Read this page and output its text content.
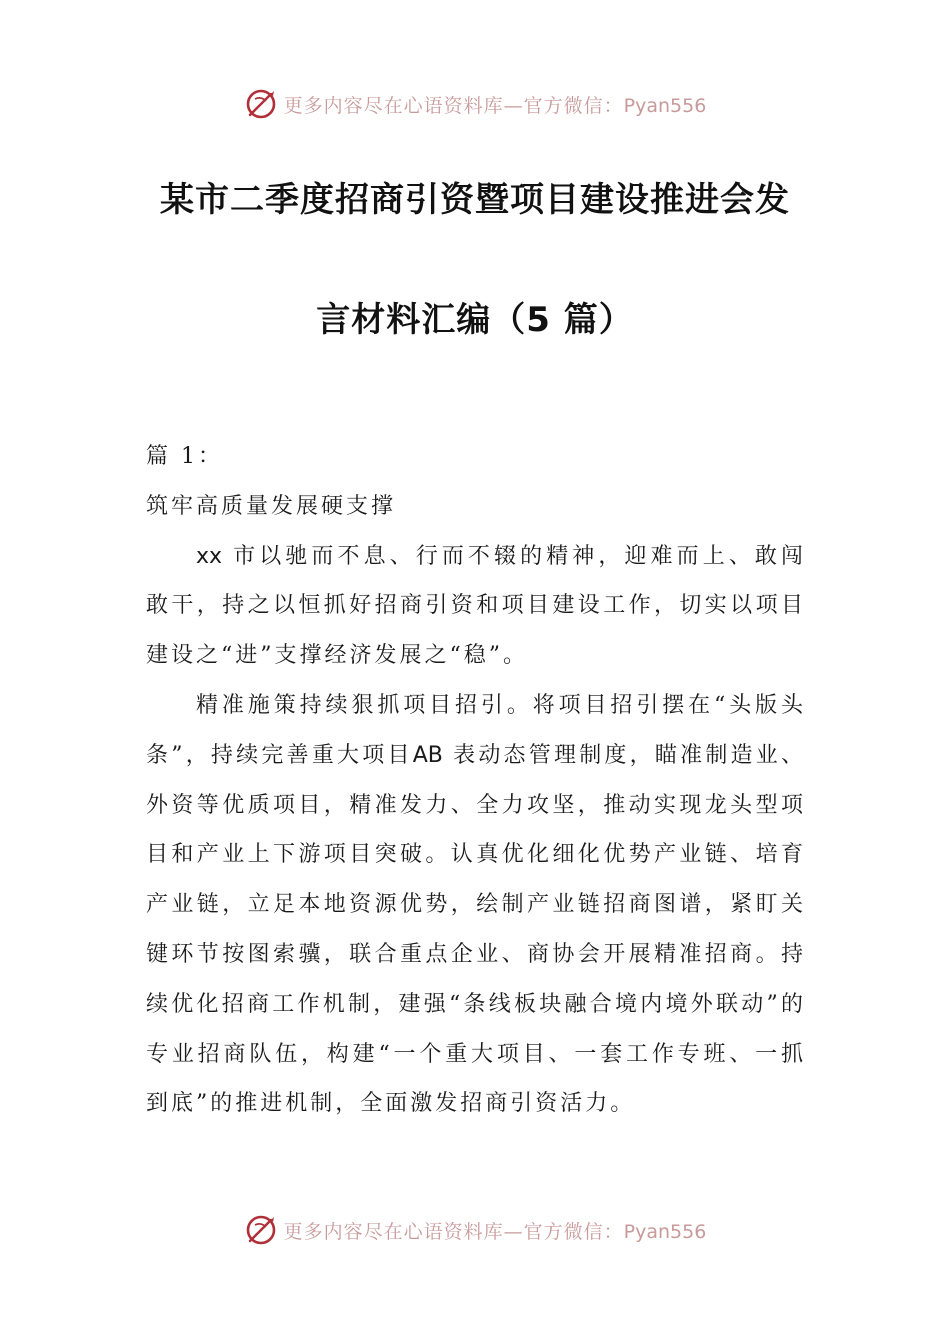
更多内容尽在心语资料库—官方微信：Pyan556
某市二季度招商引资暨项目建设推进会发
言材料汇编（5 篇）

篇 1：

筑牢高质量发展硬支撑

xx 市以驰而不息、行而不辍的精神，迎难而上、敢闯敢干，持之以恒抓好招商引资和项目建设工作，切实以项目建设之“进”支撑经济发展之“稳”。

精准施策持续狠抓项目招引。将项目招引摆在“头版头条”，持续完善重大项目AB 表动态管理制度，瞄准制造业、外资等优质项目，精准发力、全力攻坚，推动实现龙头型项目和产业上下游项目突破。认真优化细化优势产业链、培育产业链，立足本地资源优势，绘制产业链招商图谱，紧盯关键环节按图索骥，联合重点企业、商协会开展精准招商。持续优化招商工作机制，建强“条线板块融合境内境外联动”的专业招商队伍，构建“一个重大项目、一套工作专班、一抓到底”的推进机制，全面激发招商引资活力。

更多内容尽在心语资料库—官方微信：Pyan556
